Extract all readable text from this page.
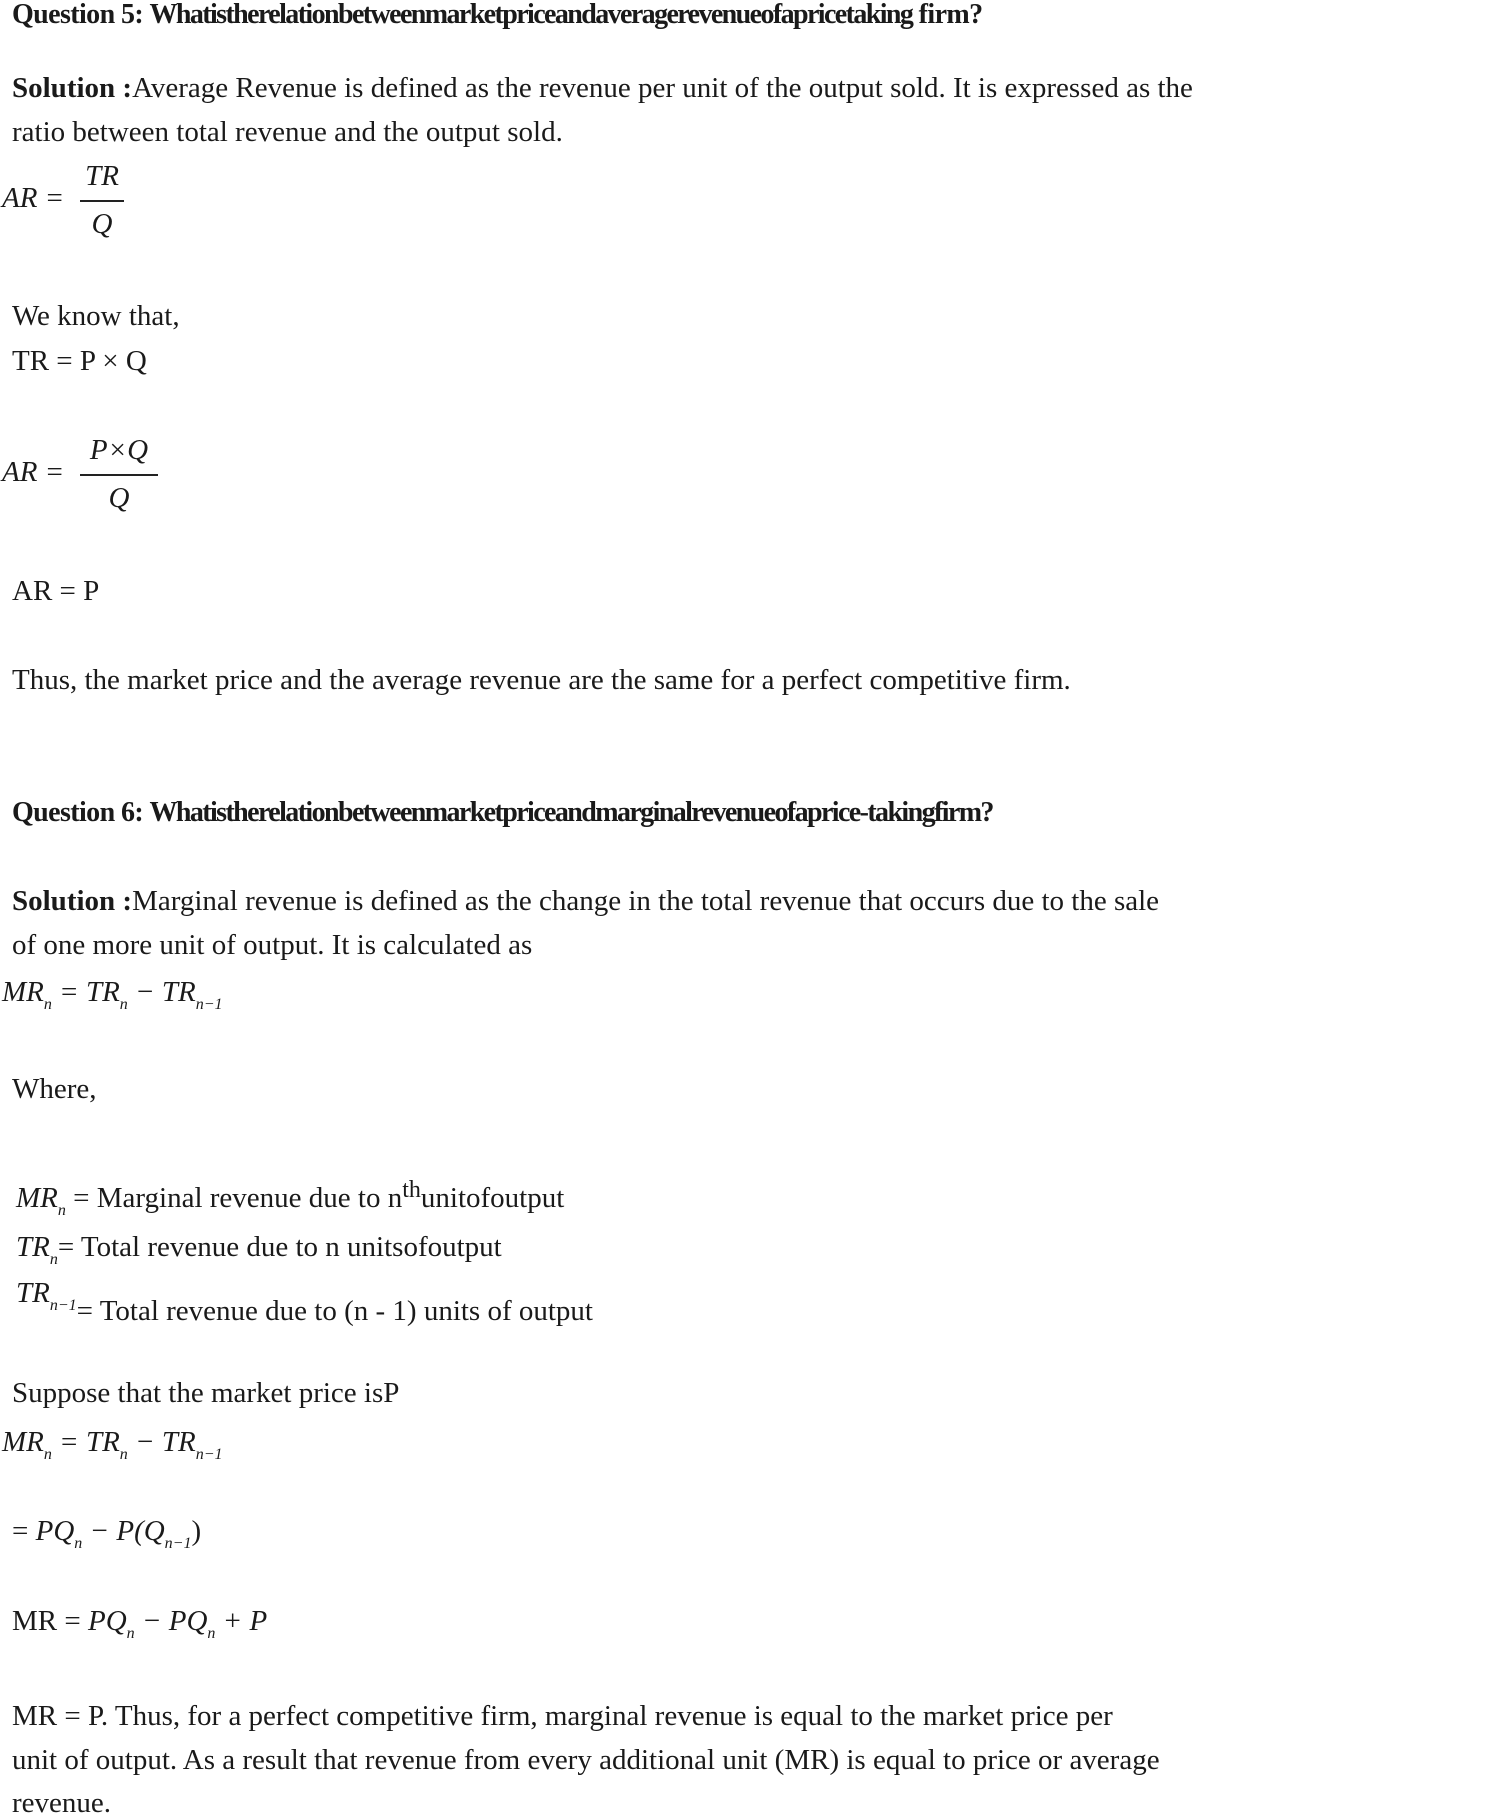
Question 5: Whatistherelationbetweenmarketpriceandaveragerevenueofapricetaking firm?
Solution :Average Revenue is defined as the revenue per unit of the output sold. It is expressed as the
ratio between total revenue and the output sold.
AR =
TR
Q
We know that,
TR = P × Q
AR =
P×Q
Q
AR = P
Thus, the market price and the average revenue are the same for a perfect competitive firm.
Question 6: Whatistherelationbetweenmarketpriceandmarginalrevenueofaprice-takingfirm?
Solution :Marginal revenue is defined as the change in the total revenue that occurs due to the sale
of one more unit of output. It is calculated as
$MR_n = TR_n - TR_{n-1}$
Where,
$MR_n$ = Marginal revenue due to $n^{th}unitofoutput$
$TR_n=$ Total revenue due to n unitsofoutput
$TR_{n-1}=$ Total revenue due to (n - 1) units of output
Suppose that the market price isP
$MR_n = TR_n - TR_{n-1}$
= $PQ_n - P(Q_{n-1})$
MR = $PQ_n - PQ_n + P$
MR = P. Thus, for a perfect competitive firm, marginal revenue is equal to the market price per
unit of output. As a result that revenue from every additional unit (MR) is equal to price or average
revenue.
